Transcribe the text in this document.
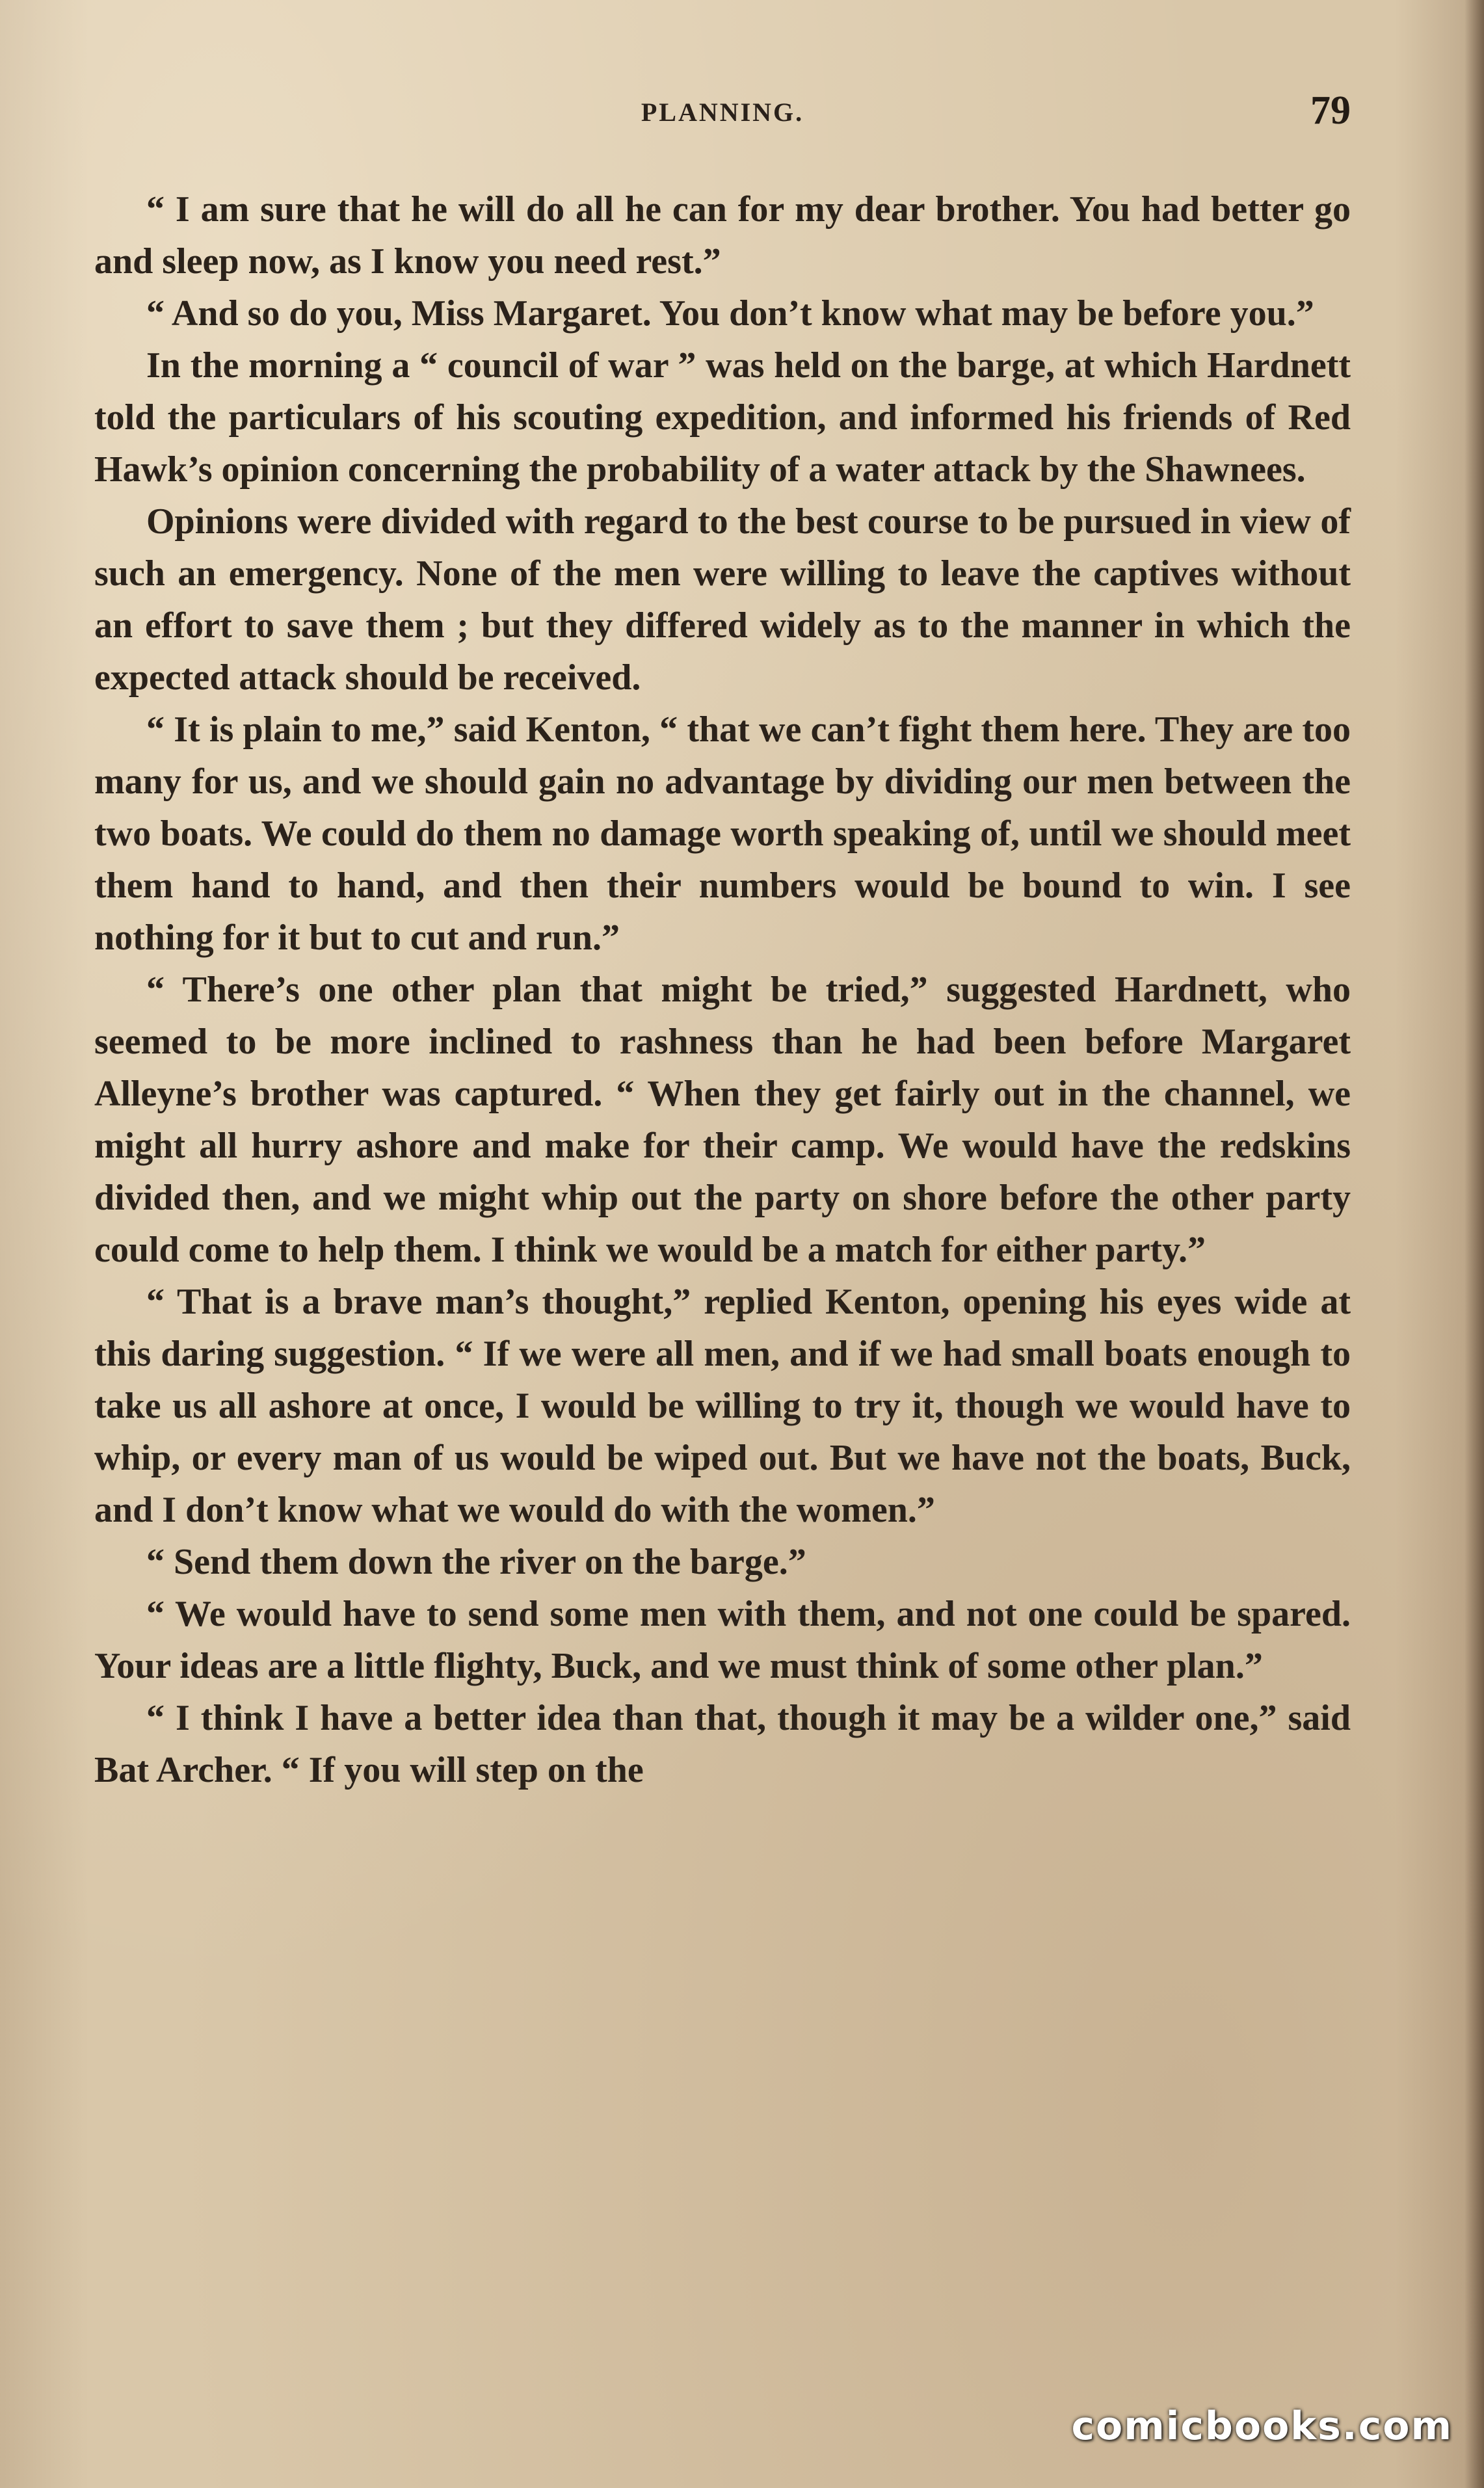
PLANNING.	79

“ I am sure that he will do all he can for my dear brother. You had better go and sleep now, as I know you need rest.”

“ And so do you, Miss Margaret. You don’t know what may be before you.”

In the morning a “ council of war ” was held on the barge, at which Hardnett told the particulars of his scouting expedition, and informed his friends of Red Hawk’s opinion concerning the probability of a water attack by the Shawnees.

Opinions were divided with regard to the best course to be pursued in view of such an emergency. None of the men were willing to leave the captives without an effort to save them ; but they differed widely as to the manner in which the expected attack should be received.

“ It is plain to me,” said Kenton, “ that we can’t fight them here. They are too many for us, and we should gain no advantage by dividing our men between the two boats. We could do them no damage worth speaking of, until we should meet them hand to hand, and then their numbers would be bound to win. I see nothing for it but to cut and run.”

“ There’s one other plan that might be tried,” suggested Hardnett, who seemed to be more inclined to rashness than he had been before Margaret Alleyne’s brother was captured. “ When they get fairly out in the channel, we might all hurry ashore and make for their camp. We would have the redskins divided then, and we might whip out the party on shore before the other party could come to help them. I think we would be a match for either party.”

“ That is a brave man’s thought,” replied Kenton, opening his eyes wide at this daring suggestion. “ If we were all men, and if we had small boats enough to take us all ashore at once, I would be willing to try it, though we would have to whip, or every man of us would be wiped out. But we have not the boats, Buck, and I don’t know what we would do with the women.”

“ Send them down the river on the barge.”

“ We would have to send some men with them, and not one could be spared. Your ideas are a little flighty, Buck, and we must think of some other plan.”

“ I think I have a better idea than that, though it may be a wilder one,” said Bat Archer. “ If you will step on the

comicbooks.com
